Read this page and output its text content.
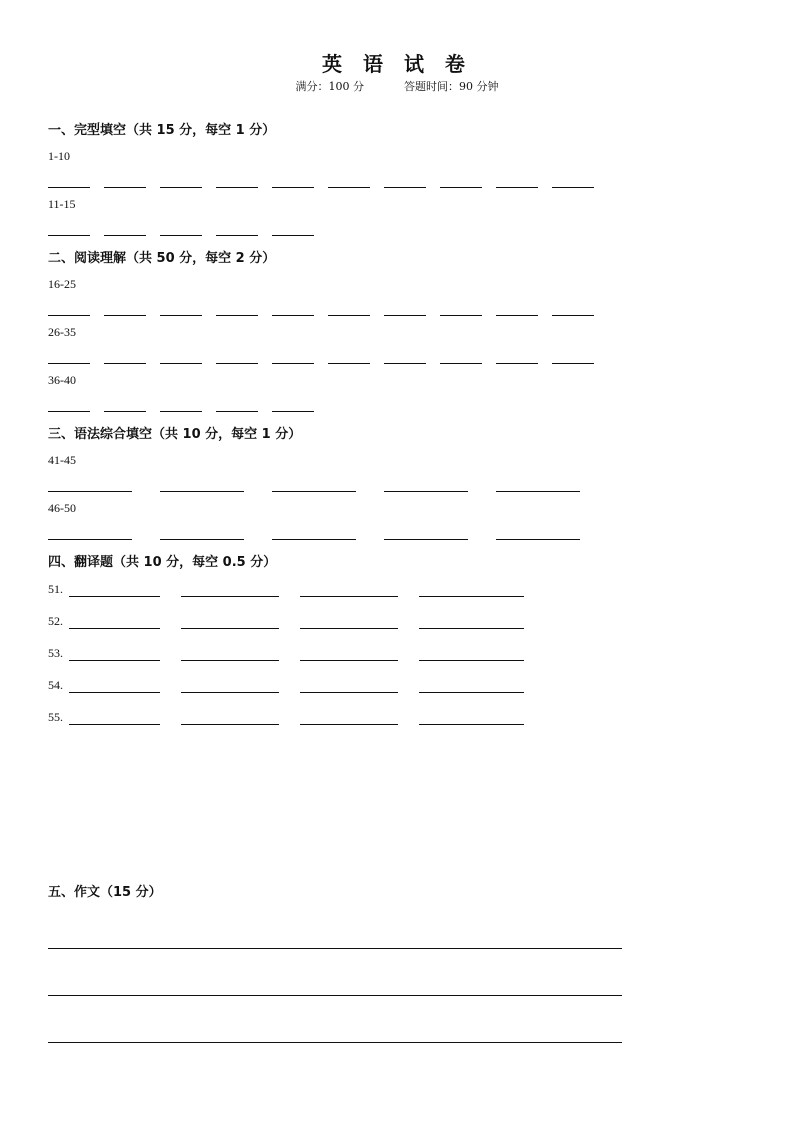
英 语 试 卷
满分：100 分	答题时间：90 分钟
一、完型填空（共 15 分，每空 1 分）
1-10
11-15
二、阅读理解（共 50 分，每空 2 分）
16-25
26-35
36-40
三、语法综合填空（共 10 分，每空 1 分）
41-45
46-50
四、翻译题（共 10 分，每空 0.5 分）
51.
52.
53.
54.
55.
五、作文（15 分）
